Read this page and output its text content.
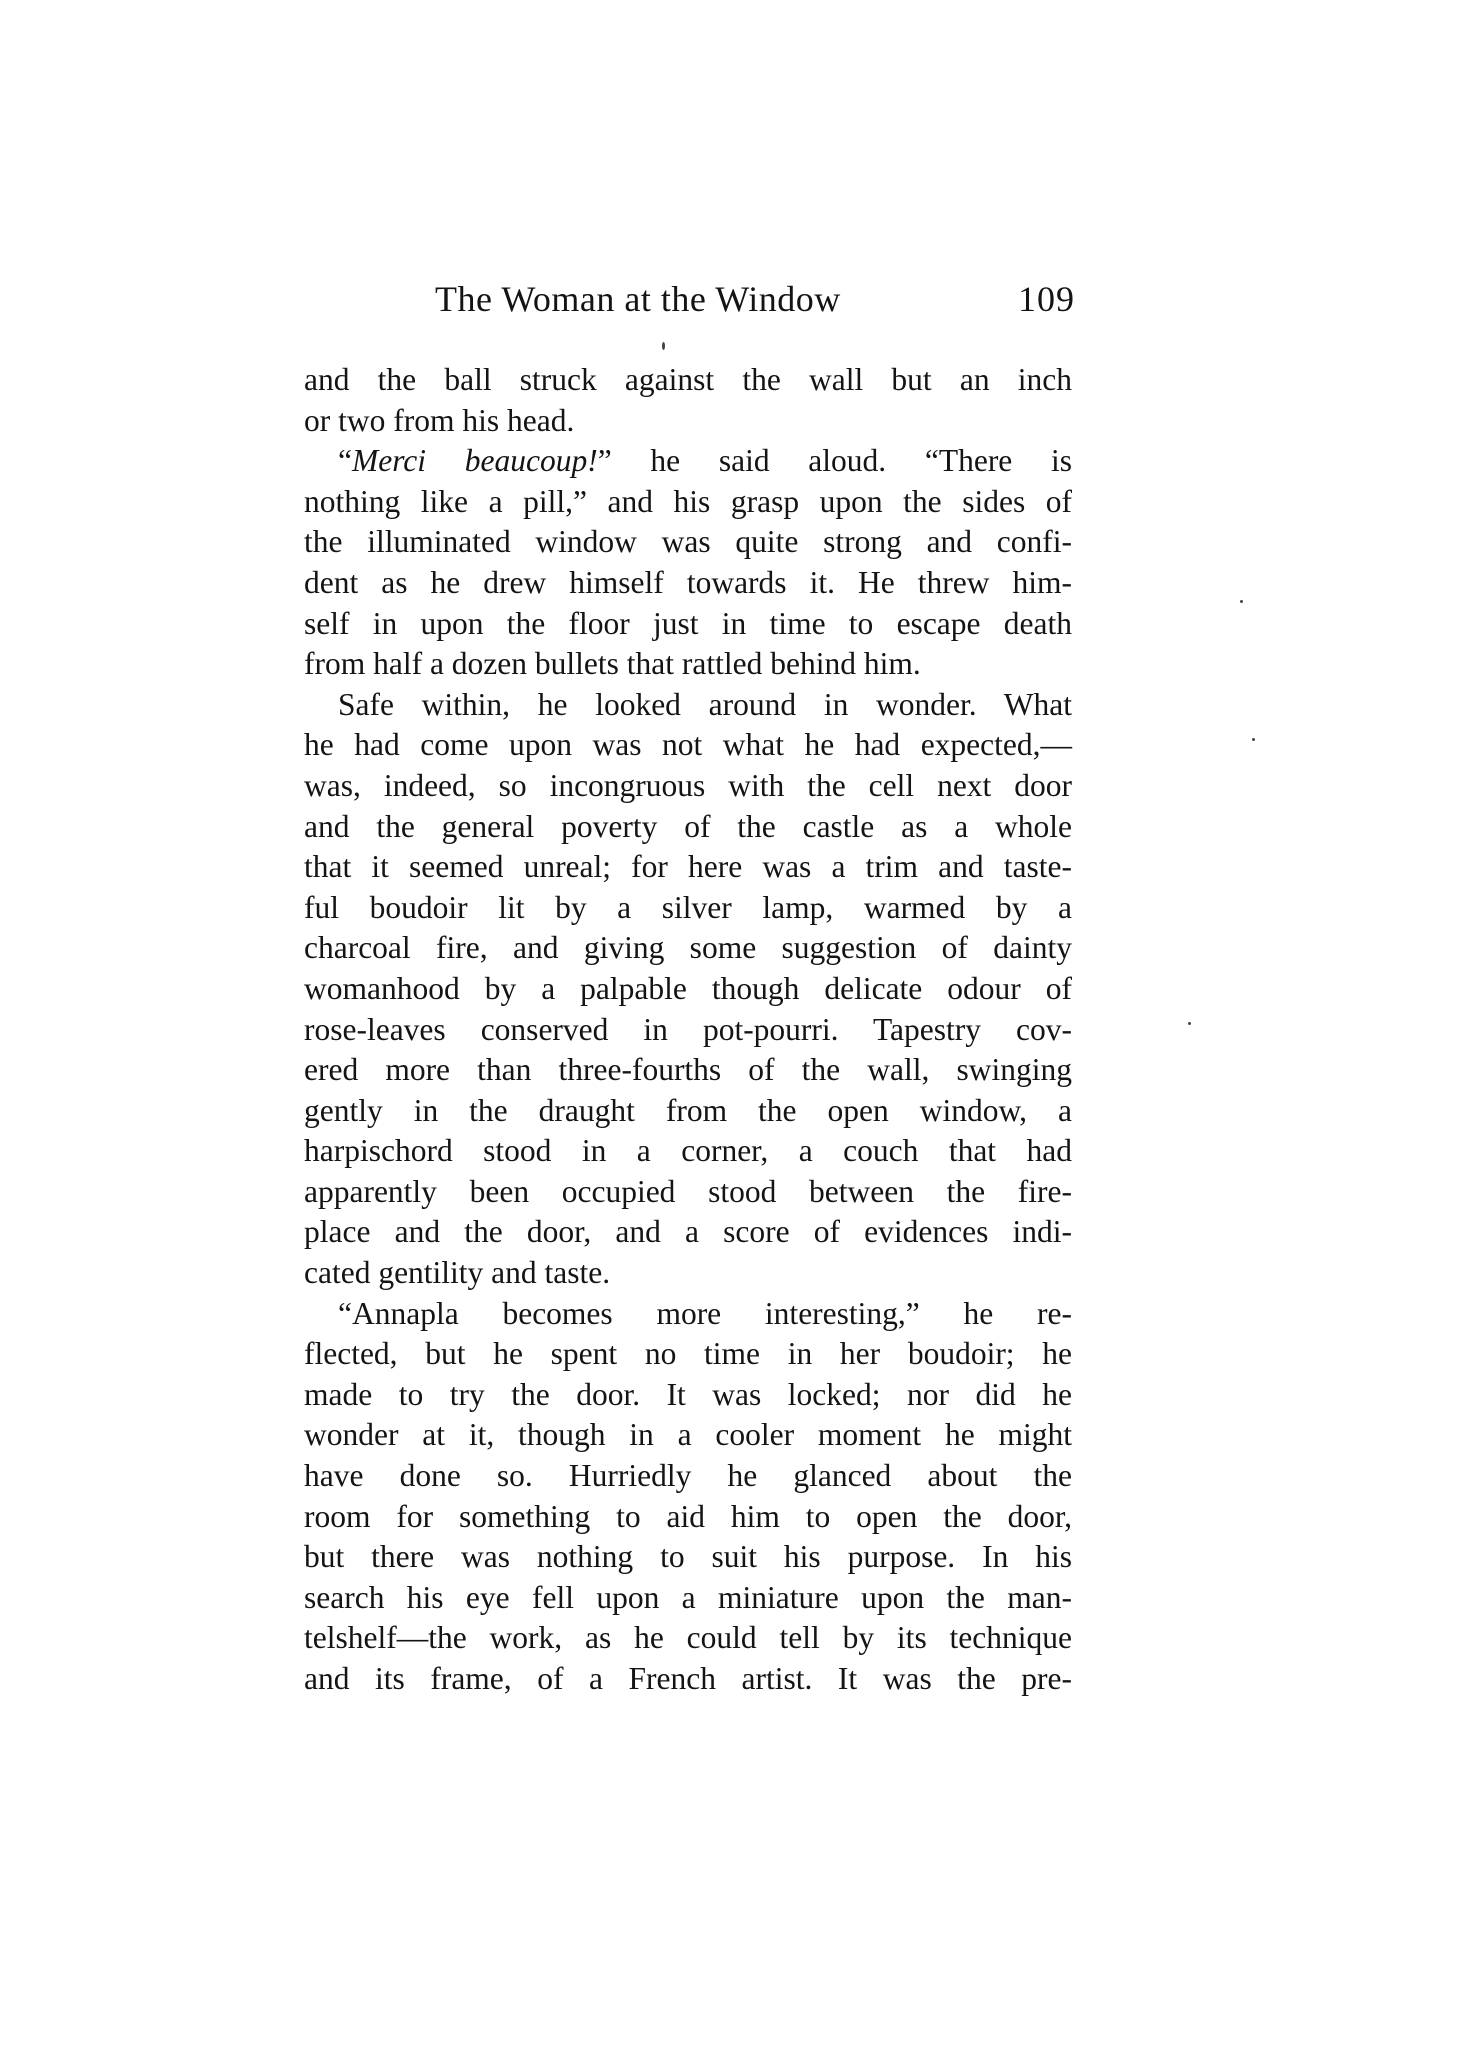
The Woman at the Window	109
and the ball struck against the wall but an inch
or two from his head.
“Merci beaucoup!” he said aloud. “There is
nothing like a pill,” and his grasp upon the sides of
the illuminated window was quite strong and confi-
dent as he drew himself towards it. He threw him-
self in upon the floor just in time to escape death
from half a dozen bullets that rattled behind him.
Safe within, he looked around in wonder. What
he had come upon was not what he had expected,—
was, indeed, so incongruous with the cell next door
and the general poverty of the castle as a whole
that it seemed unreal; for here was a trim and taste-
ful boudoir lit by a silver lamp, warmed by a
charcoal fire, and giving some suggestion of dainty
womanhood by a palpable though delicate odour of
rose-leaves conserved in pot-pourri. Tapestry cov-
ered more than three-fourths of the wall, swinging
gently in the draught from the open window, a
harpischord stood in a corner, a couch that had
apparently been occupied stood between the fire-
place and the door, and a score of evidences indi-
cated gentility and taste.
“Annapla becomes more interesting,” he re-
flected, but he spent no time in her boudoir; he
made to try the door. It was locked; nor did he
wonder at it, though in a cooler moment he might
have done so. Hurriedly he glanced about the
room for something to aid him to open the door,
but there was nothing to suit his purpose. In his
search his eye fell upon a miniature upon the man-
telshelf—the work, as he could tell by its technique
and its frame, of a French artist. It was the pre-
